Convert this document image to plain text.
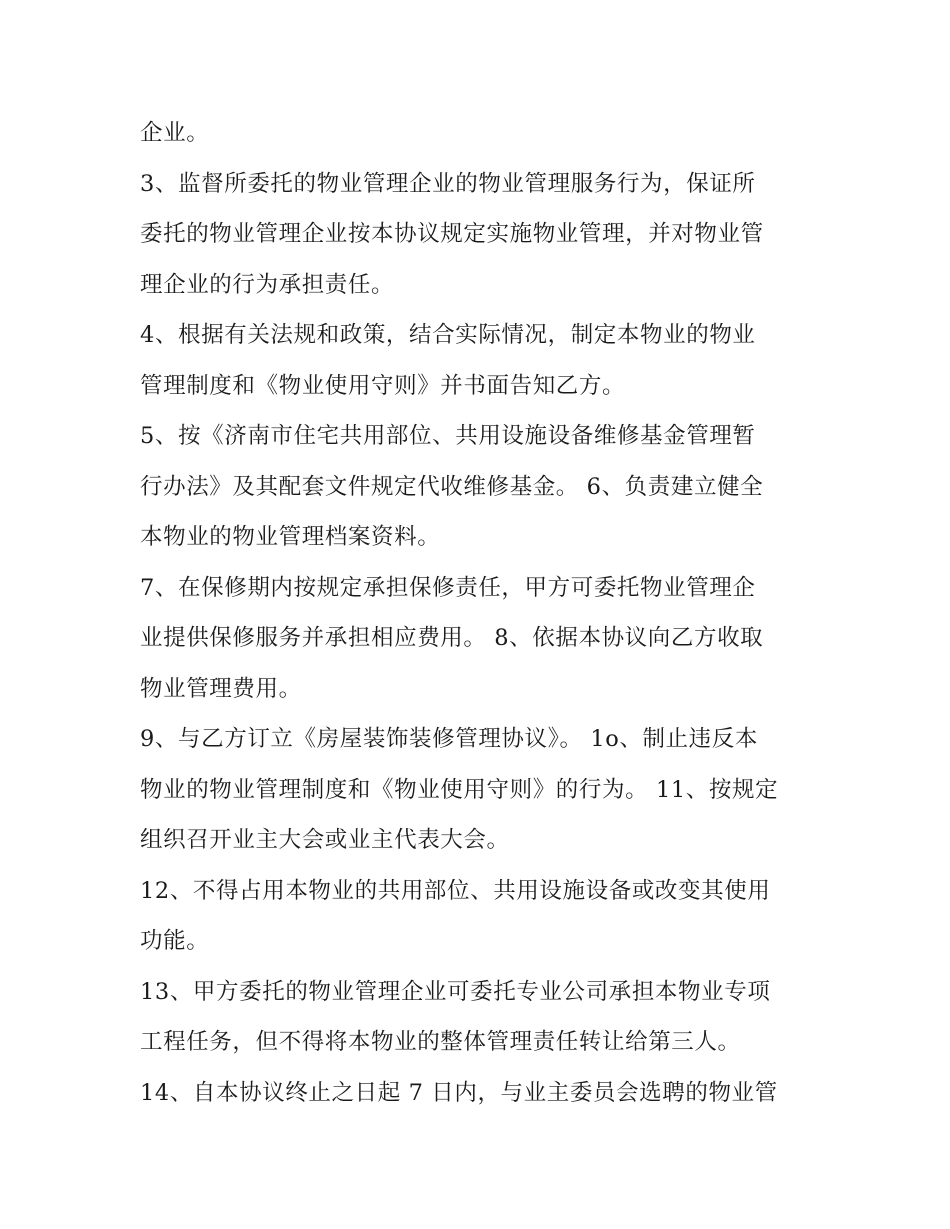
企业。
3、监督所委托的物业管理企业的物业管理服务行为，保证所
委托的物业管理企业按本协议规定实施物业管理，并对物业管
理企业的行为承担责任。
4、根据有关法规和政策，结合实际情况，制定本物业的物业
管理制度和《物业使用守则》并书面告知乙方。
5、按《济南市住宅共用部位、共用设施设备维修基金管理暂
行办法》及其配套文件规定代收维修基金。 6、负责建立健全
本物业的物业管理档案资料。
7、在保修期内按规定承担保修责任，甲方可委托物业管理企
业提供保修服务并承担相应费用。 8、依据本协议向乙方收取
物业管理费用。
9、与乙方订立《房屋装饰装修管理协议》。 1o、制止违反本
物业的物业管理制度和《物业使用守则》的行为。 11、按规定
组织召开业主大会或业主代表大会。
12、不得占用本物业的共用部位、共用设施设备或改变其使用
功能。
13、甲方委托的物业管理企业可委托专业公司承担本物业专项
工程任务，但不得将本物业的整体管理责任转让给第三人。
14、自本协议终止之日起 7 日内，与业主委员会选聘的物业管
